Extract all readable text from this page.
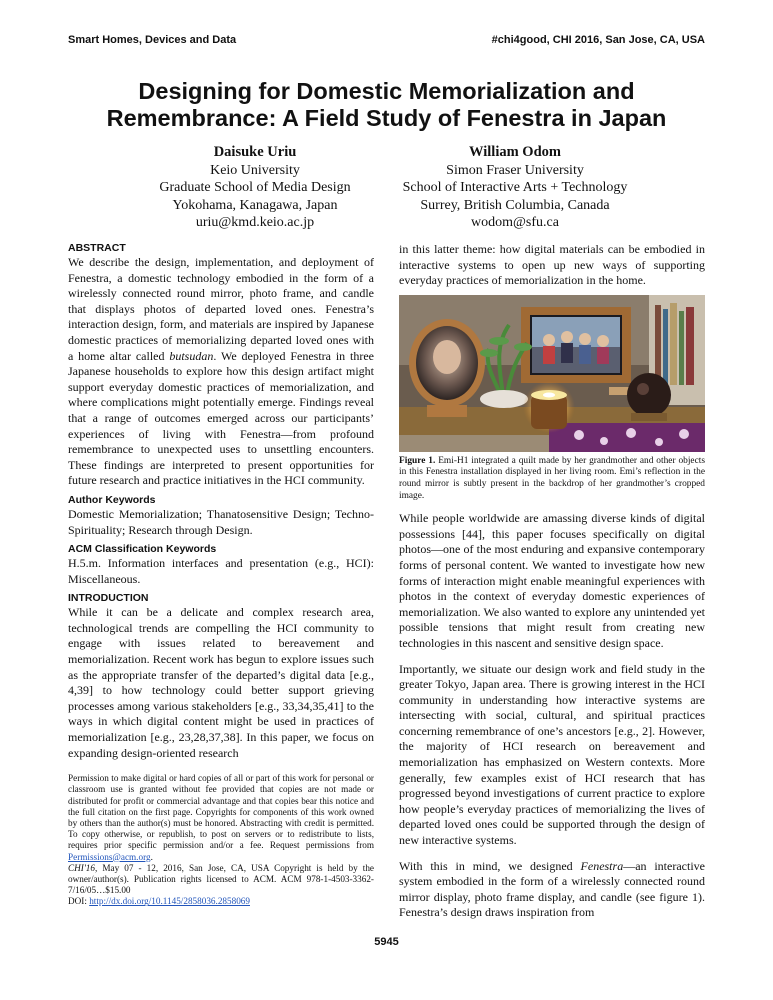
Smart Homes, Devices and Data	#chi4good, CHI 2016, San Jose, CA, USA
Designing for Domestic Memorialization and
Remembrance: A Field Study of Fenestra in Japan
Daisuke Uriu
Keio University
Graduate School of Media Design
Yokohama, Kanagawa, Japan
uriu@kmd.keio.ac.jp
William Odom
Simon Fraser University
School of Interactive Arts + Technology
Surrey, British Columbia, Canada
wodom@sfu.ca
ABSTRACT

We describe the design, implementation, and deployment of Fenestra, a domestic technology embodied in the form of a wirelessly connected round mirror, photo frame, and candle that displays photos of departed loved ones. Fenestra’s interaction design, form, and materials are inspired by Japanese domestic practices of memorializing departed loved ones with a home altar called butsudan. We deployed Fenestra in three Japanese households to explore how this design artifact might support everyday domestic practices of memorialization, and where complications might potentially emerge. Findings reveal that a range of outcomes emerged across our participants’ experiences of living with Fenestra—from profound remembrance to unexpected uses to unsettling encounters. These findings are interpreted to present opportunities for future research and practice initiatives in the HCI community.

Author Keywords

Domestic Memorialization; Thanatosensitive Design; Techno-Spirituality; Research through Design.

ACM Classification Keywords

H.5.m. Information interfaces and presentation (e.g., HCI): Miscellaneous.

INTRODUCTION

While it can be a delicate and complex research area, technological trends are compelling the HCI community to engage with issues related to bereavement and memorialization. Recent work has begun to explore issues such as the appropriate transfer of the departed’s digital data [e.g., 4,39] to how technology could better support grieving processes among various stakeholders [e.g., 33,34,35,41] to the ways in which digital content might be used in practices of memorialization [e.g., 23,28,37,38]. In this paper, we focus on expanding design-oriented research

Permission to make digital or hard copies of all or part of this work for personal or classroom use is granted without fee provided that copies are not made or distributed for profit or commercial advantage and that copies bear this notice and the full citation on the first page. Copyrights for components of this work owned by others than the author(s) must be honored. Abstracting with credit is permitted. To copy otherwise, or republish, to post on servers or to redistribute to lists, requires prior specific permission and/or a fee. Request permissions from Permissions@acm.org.
CHI'16, May 07 - 12, 2016, San Jose, CA, USA Copyright is held by the owner/author(s). Publication rights licensed to ACM. ACM 978-1-4503-3362-7/16/05…$15.00
DOI: http://dx.doi.org/10.1145/2858036.2858069

in this latter theme: how digital materials can be embodied in interactive systems to open up new ways of supporting everyday practices of memorialization in the home.

Figure 1. Emi-H1 integrated a quilt made by her grandmother and other objects in this Fenestra installation displayed in her living room. Emi’s reflection in the round mirror is subtly present in the backdrop of her grandmother’s cropped image.

While people worldwide are amassing diverse kinds of digital possessions [44], this paper focuses specifically on digital photos—one of the most enduring and expansive contemporary forms of personal content. We wanted to investigate how new forms of interaction might enable meaningful experiences with photos in the context of everyday domestic experiences of memorialization. We also wanted to explore any unintended yet possible tensions that might result from creating new technologies in this nascent and sensitive design space.

Importantly, we situate our design work and field study in the greater Tokyo, Japan area. There is growing interest in the HCI community in understanding how interactive systems are intersecting with social, cultural, and spiritual practices concerning remembrance of one’s ancestors [e.g., 2]. However, the majority of HCI research on bereavement and memorialization has emphasized on Western contexts. More generally, few examples exist of HCI research that has progressed beyond investigations of current practice to explore how people’s everyday practices of memorializing the lives of departed loved ones could be supported through the design of new interactive systems.

With this in mind, we designed Fenestra—an interactive system embodied in the form of a wirelessly connected round mirror display, photo frame display, and candle (see figure 1). Fenestra’s design draws inspiration from

5945
